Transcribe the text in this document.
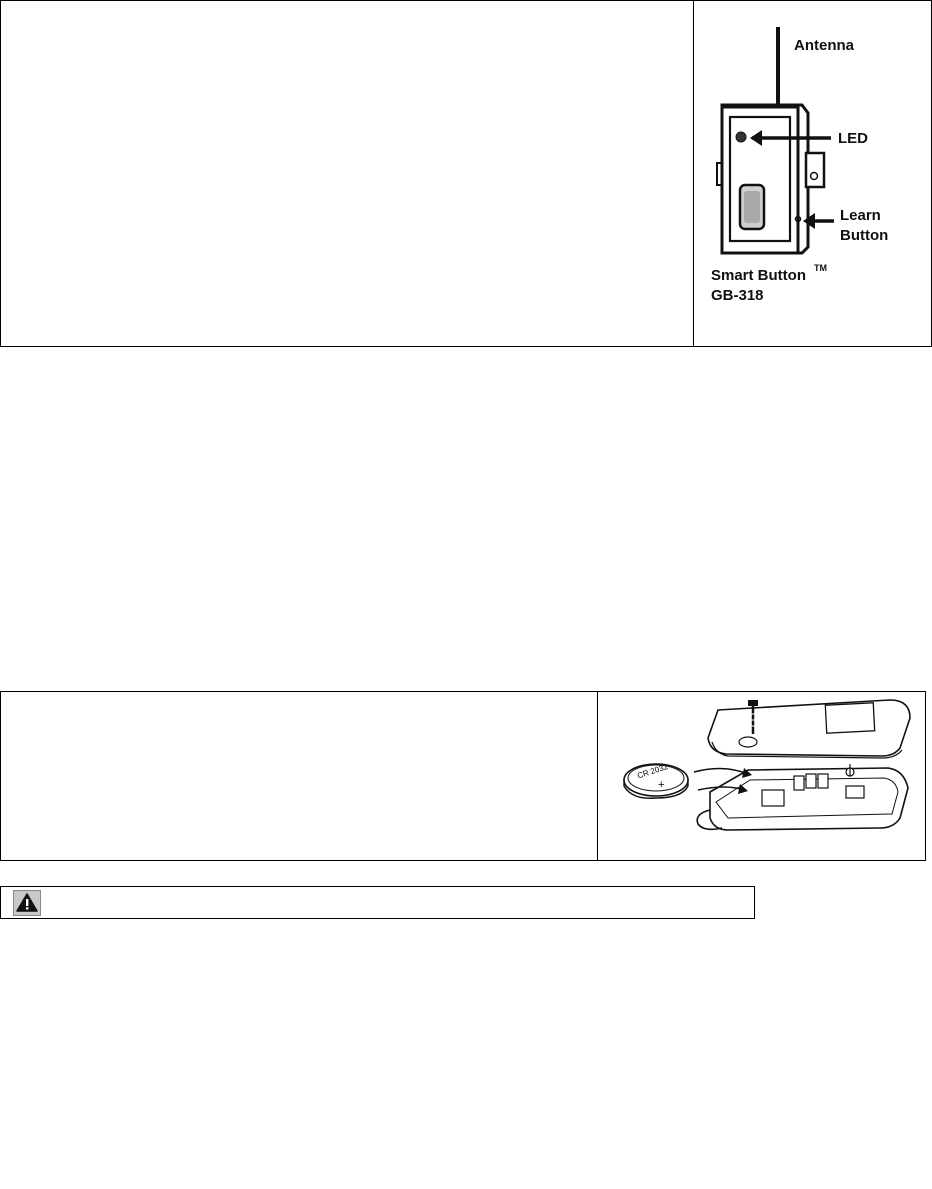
Antenna
LED
Learn
Button
Smart Button TM
GB-318
CR 2032
+
